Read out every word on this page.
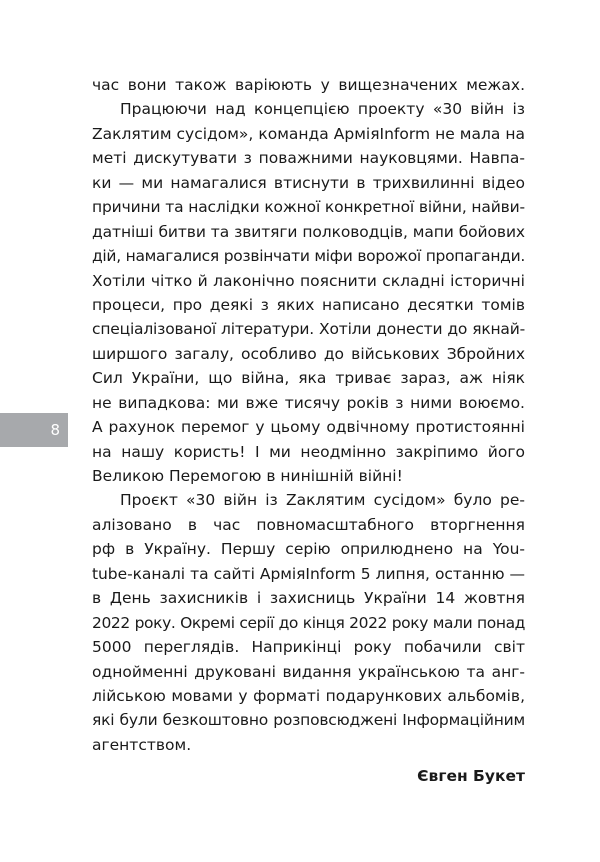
8
час вони також варіюють у вищезначених межах.
Працюючи над концепцією проекту «30 війн із
Zаклятим сусідом», команда АрміяInform не мала на
меті дискутувати з поважними науковцями. Навпа-
ки — ми намагалися втиснути в трихвилинні відео
причини та наслідки кожної конкретної війни, найви-
датніші битви та звитяги полководців, мапи бойових
дій, намагалися розвінчати міфи ворожої пропаганди.
Хотіли чітко й лаконічно пояснити складні історичні
процеси, про деякі з яких написано десятки томів
спеціалізованої літератури. Хотіли донести до якнай-
ширшого загалу, особливо до військових Збройних
Сил України, що війна, яка триває зараз, аж ніяк
не випадкова: ми вже тисячу років з ними воюємо.
А рахунок перемог у цьому одвічному протистоянні
на нашу користь! І ми неодмінно закріпимо його
Великою Перемогою в нинішній війні!
Проєкт «30 війн із Zаклятим сусідом» було ре-
алізовано в час повномасштабного вторгнення
рф в Україну. Першу серію оприлюднено на You-
tube-каналі та сайті АрміяInform 5 липня, останню —
в День захисників і захисниць України 14 жовтня
2022 року. Окремі серії до кінця 2022 року мали понад
5000 переглядів. Наприкінці року побачили світ
однойменні друковані видання українською та анг-
лійською мовами у форматі подарункових альбомів,
які були безкоштовно розповсюджені Інформаційним
агентством.
Євген Букет
